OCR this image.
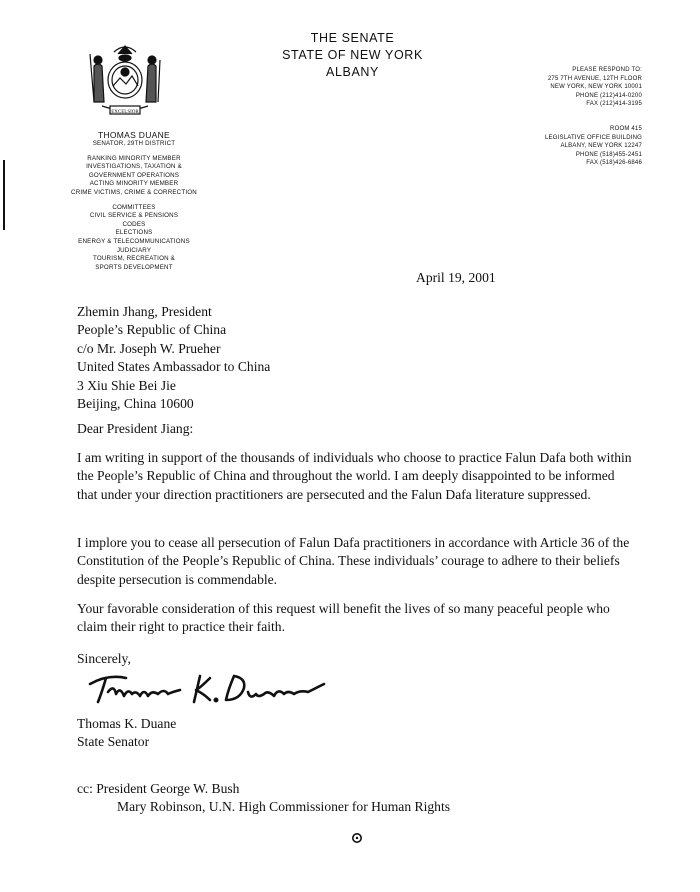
EXCELSIOR
THOMAS DUANE
SENATOR, 29TH DISTRICT
RANKING MINORITY MEMBER
INVESTIGATIONS, TAXATION &
GOVERNMENT OPERATIONS
ACTING MINORITY MEMBER
CRIME VICTIMS, CRIME & CORRECTION
COMMITTEES
CIVIL SERVICE & PENSIONS
CODES
ELECTIONS
ENERGY & TELECOMMUNICATIONS
JUDICIARY
TOURISM, RECREATION &
SPORTS DEVELOPMENT
THE SENATE
STATE OF NEW YORK
ALBANY	PLEASE RESPOND TO:
275 7TH AVENUE, 12TH FLOOR
NEW YORK, NEW YORK 10001
PHONE (212)414-0200
FAX (212)414-3195
ROOM 415
LEGISLATIVE OFFICE BUILDING
ALBANY, NEW YORK 12247
PHONE (518)455-2451
FAX (518)426-6846
April 19, 2001
Zhemin Jhang, President
People’s Republic of China
c/o Mr. Joseph W. Prueher
United States Ambassador to China
3 Xiu Shie Bei Jie
Beijing, China 10600
Dear President Jiang:

I am writing in support of the thousands of individuals who choose to practice Falun Dafa both within the People’s Republic of China and throughout the world. I am deeply disappointed to be informed that under your direction practitioners are persecuted and the Falun Dafa literature suppressed.

I implore you to cease all persecution of Falun Dafa practitioners in accordance with Article 36 of the Constitution of the People’s Republic of China. These individuals’ courage to adhere to their beliefs despite persecution is commendable.

Your favorable consideration of this request will benefit the lives of so many peaceful people who claim their right to practice their faith.

Sincerely,
Thomas K. Duane
State Senator
cc: President George W. Bush
Mary Robinson, U.N. High Commissioner for Human Rights
